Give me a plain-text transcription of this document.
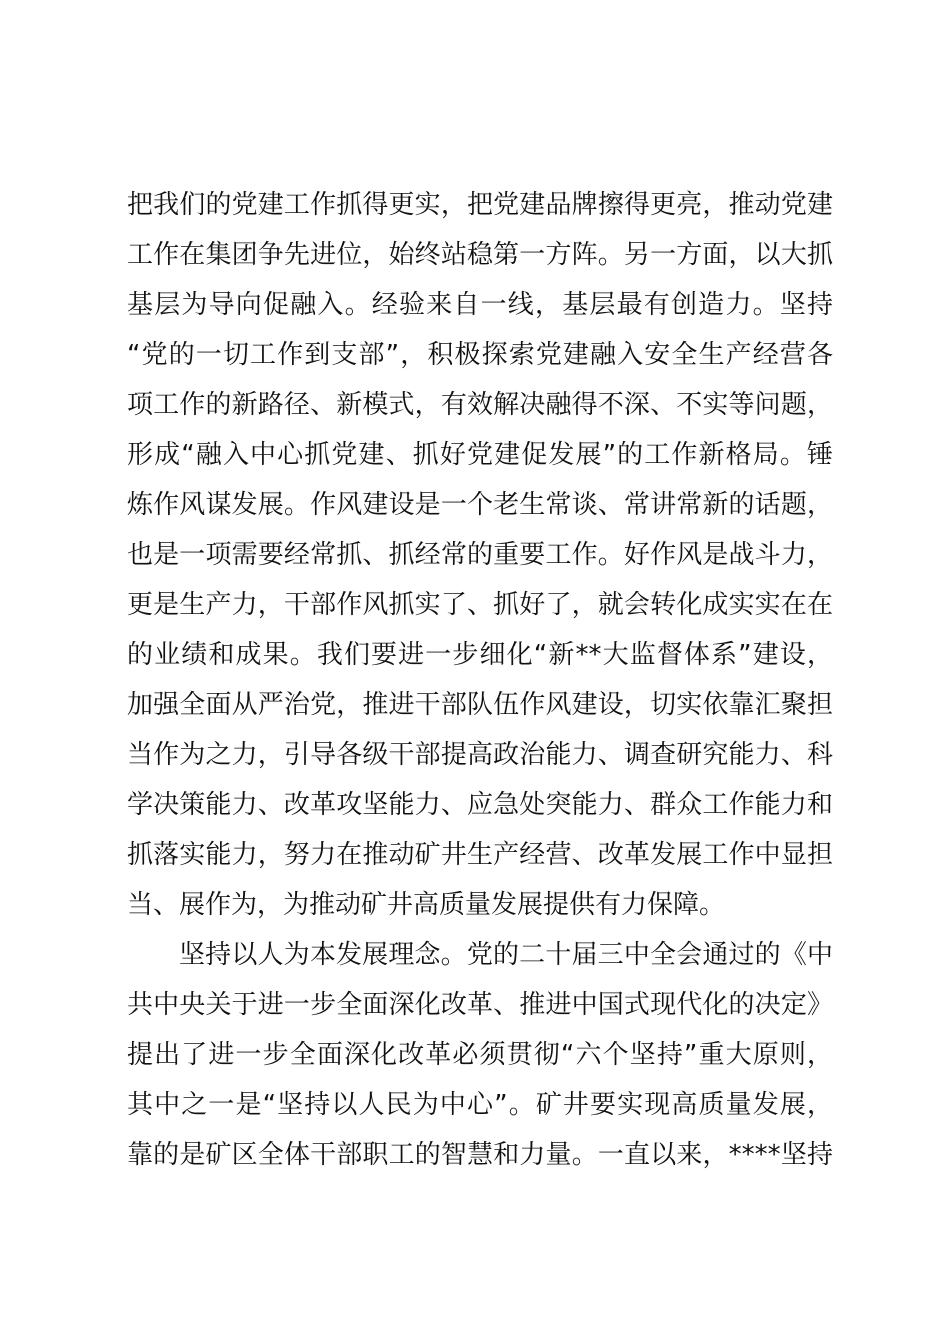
把我们的党建工作抓得更实，把党建品牌擦得更亮，推动党建
工作在集团争先进位，始终站稳第一方阵。另一方面，以大抓
基层为导向促融入。经验来自一线，基层最有创造力。坚持
“党的一切工作到支部”，积极探索党建融入安全生产经营各
项工作的新路径、新模式，有效解决融得不深、不实等问题，
形成“融入中心抓党建、抓好党建促发展”的工作新格局。锤
炼作风谋发展。作风建设是一个老生常谈、常讲常新的话题，
也是一项需要经常抓、抓经常的重要工作。好作风是战斗力，
更是生产力，干部作风抓实了、抓好了，就会转化成实实在在
的业绩和成果。我们要进一步细化“新**大监督体系”建设，
加强全面从严治党，推进干部队伍作风建设，切实依靠汇聚担
当作为之力，引导各级干部提高政治能力、调查研究能力、科
学决策能力、改革攻坚能力、应急处突能力、群众工作能力和
抓落实能力，努力在推动矿井生产经营、改革发展工作中显担
当、展作为，为推动矿井高质量发展提供有力保障。
坚持以人为本发展理念。党的二十届三中全会通过的《中
共中央关于进一步全面深化改革、推进中国式现代化的决定》
提出了进一步全面深化改革必须贯彻“六个坚持”重大原则，
其中之一是“坚持以人民为中心”。矿井要实现高质量发展，
靠的是矿区全体干部职工的智慧和力量。一直以来，****坚持
